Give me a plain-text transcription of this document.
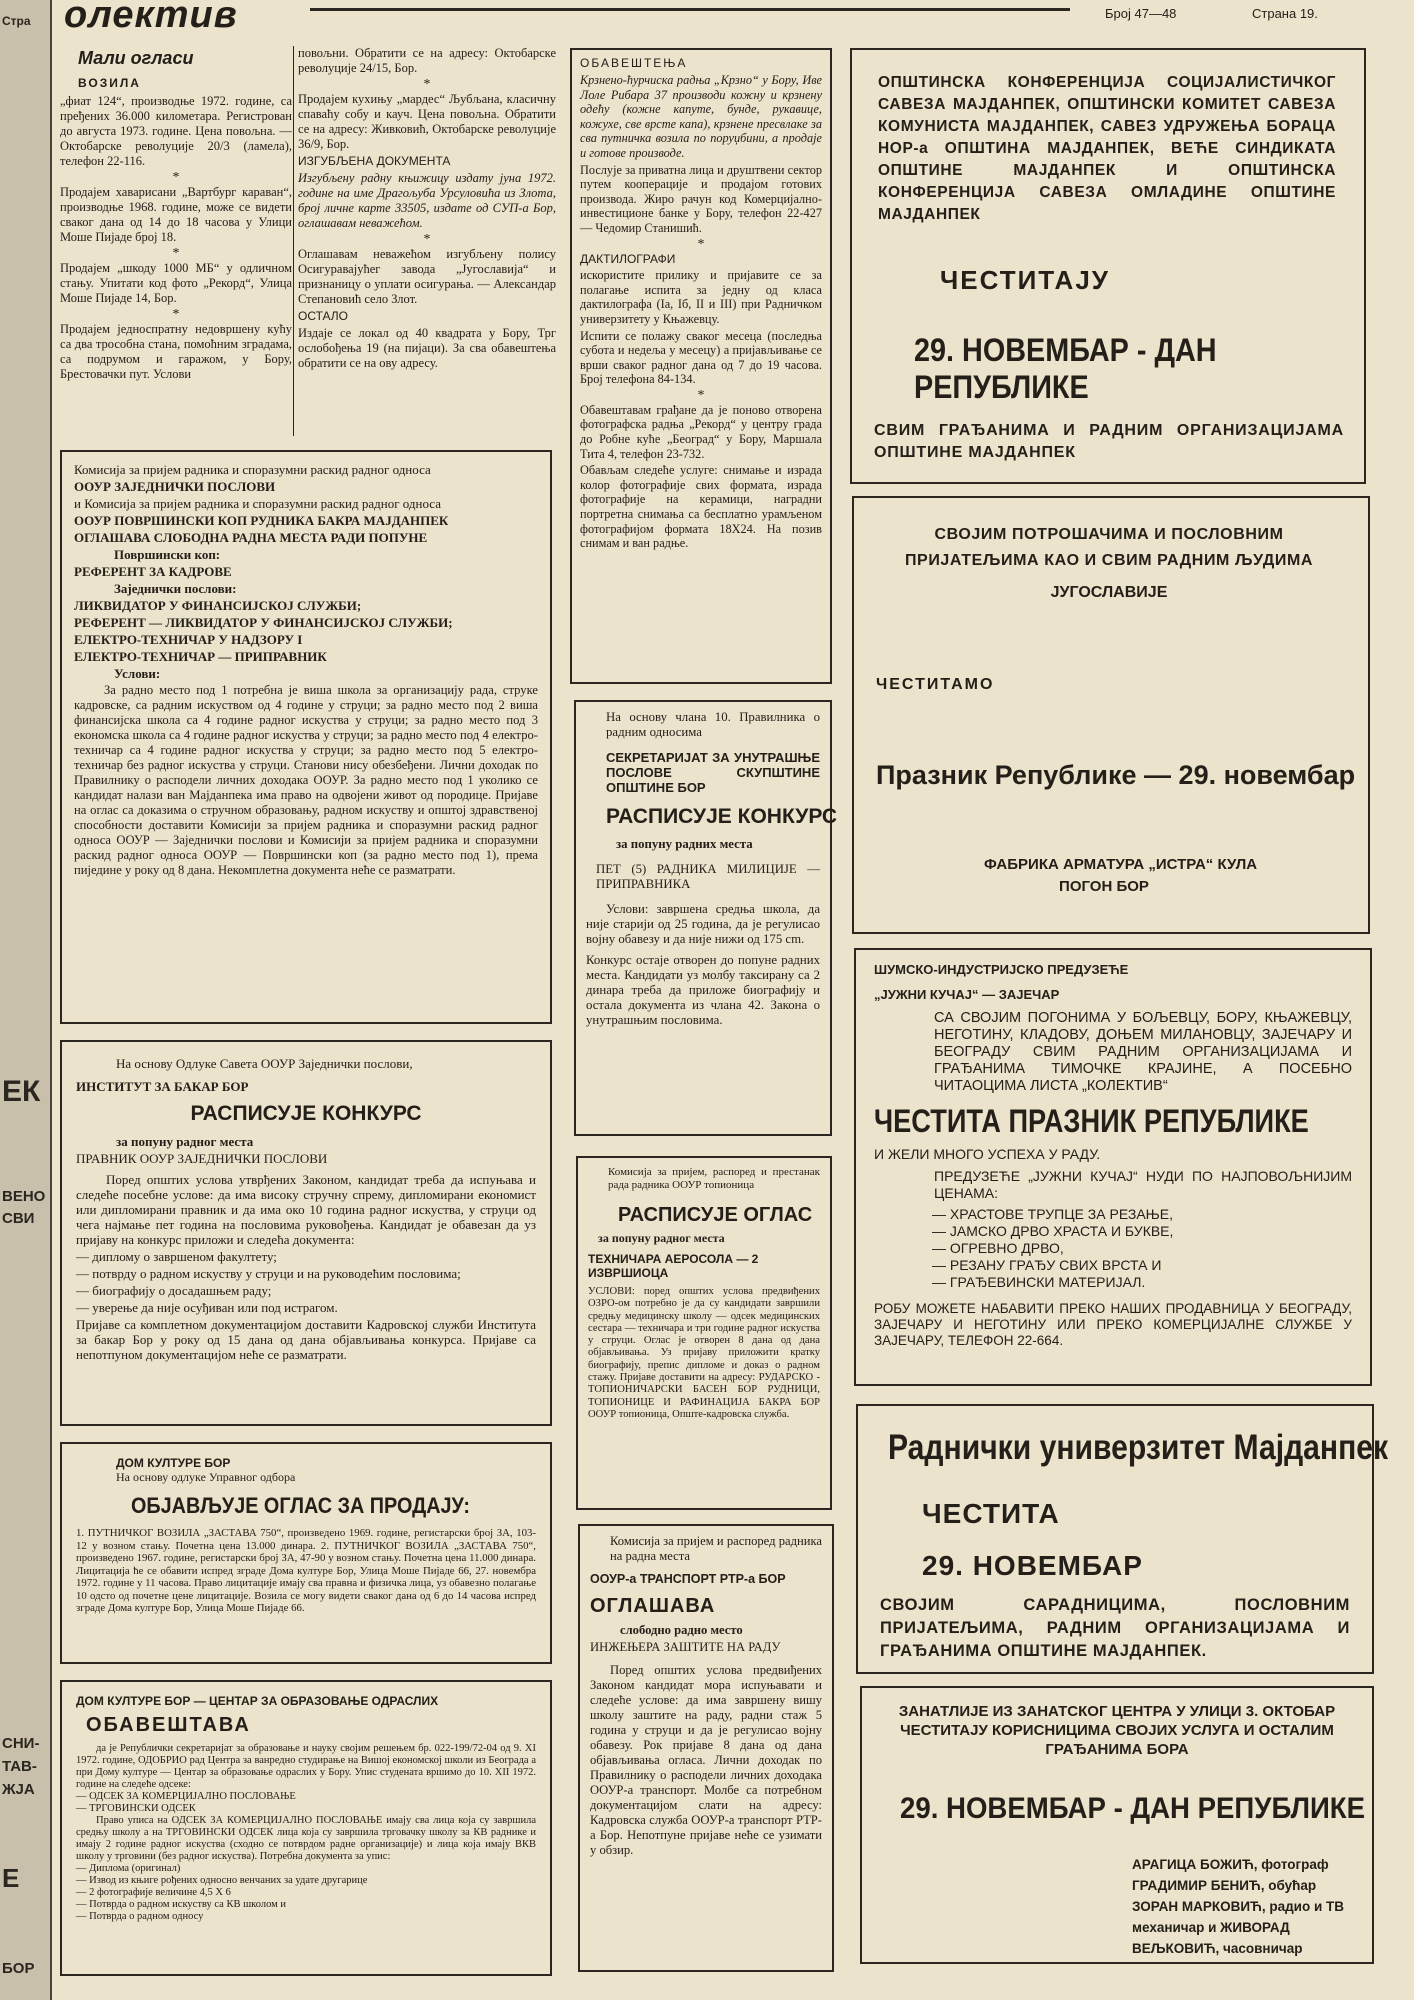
Стра
ЕК
ВЕНО
СВИ
СНИ-
ТАВ-
ЖЈА
Е
БОР
олектив	Број 47—48	Страна 19.
Мали огласи
ВОЗИЛА

„фиат 124“, производње 1972. године, са пређених 36.000 километара. Регистрован до августа 1973. године. Цена повољна. — Октобарске револуције 20/3 (ламела), телефон 22-116.

*

Продајем хаварисани „Вартбург караван“, производње 1968. године, може се видети сваког дана од 14 до 18 часова у Улици Моше Пијаде број 18.

*

Продајем „шкоду 1000 МБ“ у одличном стању. Упитати код фото „Рекорд“, Улица Моше Пијаде 14, Бор.

*

Продајем једноспратну недовршену кућу са два трособна стана, помоћним зградама, са подрумом и гаражом, у Бору, Брестовачки пут. Услови

повољни. Обратити се на адресу: Октобарске револуције 24/15, Бор.

*

Продајем кухињу „мардес“ Љубљана, класичну спаваћу собу и кауч. Цена повољна. Обратити се на адресу: Живковић, Октобарске револуције 36/9, Бор.

ИЗГУБЉЕНА ДОКУМЕНТА

Изгубљену радну књижицу издату јуна 1972. године на име Драгољуба Урсуловића из Злота, број личне карте 33505, издате од СУП-а Бор, оглашавам неважећом.

*

Оглашавам неважећом изгубљену полису Осигуравајућег завода „Југославија“ и признаницу о уплати осигурања. — Александар Степановић село Злот.

ОСТАЛО

Издаје се локал од 40 квадрата у Бору, Трг ослобођења 19 (на пијаци). За сва обавештења обратити се на ову адресу.

ОБАВЕШТЕЊА

Крзнено-ћурчиска радња „Крзно“ у Бору, Иве Лоле Рибара 37 производи кожну и крзнену одећу (кожне капуте, бунде, рукавице, кожухе, све врсте капа), крзнене пресвлаке за сва путничка возила по поруџбини, а продаје и готове производе.

Послује за приватна лица и друштвени сектор путем кооперације и продајом готових производа. Жиро рачун код Комерцијално-инвестиционе банке у Бору, телефон 22-427 — Чедомир Станишић.

*

ДАКТИЛОГРАФИ

искористите прилику и пријавите се за полагање испита за једну од класа дактилографа (Ia, Iб, II и III) при Радничком универзитету у Књажевцу.

Испити се полажу сваког месеца (последња субота и недеља у месецу) а пријављивање се врши сваког радног дана од 7 до 19 часова. Број телефона 84-134.

*

Обавештавам грађане да је поново отворена фотографска радња „Рекорд“ у центру града до Робне куће „Београд“ у Бору, Маршала Тита 4, телефон 23-732.

Обављам следеће услуге: снимање и израда колор фотографије свих формата, израда фотографије на керамици, наградни портретна снимања са бесплатно урамљеном фотографијом формата 18X24. На позив снимам и ван радње.

ОПШТИНСКА КОНФЕРЕНЦИЈА СОЦИЈАЛИСТИЧКОГ САВЕЗА МАЈДАНПЕК, ОПШТИНСКИ КОМИТЕТ САВЕЗА КОМУНИСТА МАЈДАНПЕК, САВЕЗ УДРУЖЕЊА БОРАЦА НОР-а ОПШТИНА МАЈДАНПЕК, ВЕЋЕ СИНДИКАТА ОПШТИНЕ МАЈДАНПЕК И ОПШТИНСКА КОНФЕРЕНЦИЈА САВЕЗА ОМЛАДИНЕ ОПШТИНЕ МАЈДАНПЕК
ЧЕСТИТАЈУ
29. НОВЕМБАР - ДАН РЕПУБЛИКЕ
СВИМ ГРАЂАНИМА И РАДНИМ ОРГАНИЗАЦИЈАМА ОПШТИНЕ МАЈДАНПЕК
СВОЈИМ ПОТРОШАЧИМА И ПОСЛОВНИМ ПРИЈАТЕЉИМА КАО И СВИМ РАДНИМ ЉУДИМА
ЈУГОСЛАВИЈЕ
ЧЕСТИТАМО
Празник Републике — 29. новембар
ФАБРИКА АРМАТУРА „ИСТРА“ КУЛА
ПОГОН БОР
ШУМСКО-ИНДУСТРИЈСКО ПРЕДУЗЕЋЕ
„ЈУЖНИ КУЧАЈ“ — ЗАЈЕЧАР
СА СВОЈИМ ПОГОНИМА У БОЉЕВЦУ, БОРУ, КЊАЖЕВЦУ, НЕГОТИНУ, КЛАДОВУ, ДОЊЕМ МИЛАНОВЦУ, ЗАЈЕЧАРУ И БЕОГРАДУ СВИМ РАДНИМ ОРГАНИЗАЦИЈАМА И ГРАЂАНИМА ТИМОЧКЕ КРАЈИНЕ, А ПОСЕБНО ЧИТАОЦИМА ЛИСТА „КОЛЕКТИВ“
ЧЕСТИТА ПРАЗНИК РЕПУБЛИКЕ
И ЖЕЛИ МНОГО УСПЕХА У РАДУ.
ПРЕДУЗЕЋЕ „ЈУЖНИ КУЧАЈ“ НУДИ ПО НАЈПОВОЉНИЈИМ ЦЕНАМА:
— ХРАСТОВЕ ТРУПЦЕ ЗА РЕЗАЊЕ,
— ЈАМСКО ДРВО ХРАСТА И БУКВЕ,
— ОГРЕВНО ДРВО,
— РЕЗАНУ ГРАЂУ СВИХ ВРСТА И
— ГРАЂЕВИНСКИ МАТЕРИЈАЛ.
РОБУ МОЖЕТЕ НАБАВИТИ ПРЕКО НАШИХ ПРОДАВНИЦА У БЕОГРАДУ, ЗАЈЕЧАРУ И НЕГОТИНУ ИЛИ ПРЕКО КОМЕРЦИЈАЛНЕ СЛУЖБЕ У ЗАЈЕЧАРУ, ТЕЛЕФОН 22-664.
Раднички универзитет Мајданпек
ЧЕСТИТА
29. НОВЕМБАР
СВОЈИМ САРАДНИЦИМА, ПОСЛОВНИМ ПРИЈАТЕЉИМА, РАДНИМ ОРГАНИЗАЦИЈАМА И ГРАЂАНИМА ОПШТИНЕ МАЈДАНПЕК.
ЗАНАТЛИЈЕ ИЗ ЗАНАТСКОГ ЦЕНТРА У УЛИЦИ 3. ОКТОБАР ЧЕСТИТАЈУ КОРИСНИЦИМА СВОЈИХ УСЛУГА И ОСТАЛИМ ГРАЂАНИМА БОРА
29. НОВЕМБАР - ДАН РЕПУБЛИКЕ
АРАГИЦА БОЖИЋ, фотограф ГРАДИМИР БЕНИЋ, обућар ЗОРАН МАРКОВИЋ, радио и ТВ механичар и ЖИВОРАД ВЕЉКОВИЋ, часовничар

Комисија за пријем радника и споразумни раскид радног односа

ООУР ЗАЈЕДНИЧКИ ПОСЛОВИ

и Комисија за пријем радника и споразумни раскид радног односа

ООУР ПОВРШИНСКИ КОП РУДНИКА БАКРА МАЈДАНПЕК

ОГЛАШАВА СЛОБОДНА РАДНА МЕСТА РАДИ ПОПУНЕ

Површински коп:

РЕФЕРЕНТ ЗА КАДРОВЕ

Заједнички послови:

ЛИКВИДАТОР У ФИНАНСИЈСКОЈ СЛУЖБИ;

РЕФЕРЕНТ — ЛИКВИДАТОР У ФИНАНСИЈСКОЈ СЛУЖБИ;

ЕЛЕКТРО-ТЕХНИЧАР У НАДЗОРУ I

ЕЛЕКТРО-ТЕХНИЧАР — ПРИПРАВНИК

Услови:

За радно место под 1 потребна је виша школа за организацију рада, струке кадровске, са радним искуством од 4 године у струци; за радно место под 2 виша финансијска школа са 4 године радног искуства у струци; за радно место под 3 економска школа са 4 године радног искуства у струци; за радно место под 4 електро-техничар са 4 године радног искуства у струци; за радно место под 5 електро-техничар без радног искуства у струци. Станови нису обезбеђени. Лични доходак по Правилнику о расподели личних доходака ООУР. За радно место под 1 уколико се кандидат налази ван Мајданпека има право на одвојени живот од породице. Пријаве на оглас са доказима о стручном образовању, радном искуству и општој здравственој способности доставити Комисији за пријем радника и споразумни раскид радног односа ООУР — Заједнички послови и Комисији за пријем радника и споразумни раскид радног односа ООУР — Површински коп (за радно место под 1), према пиједине у року од 8 дана. Некомплетна документа неће се разматрати.

На основу Одлуке Савета ООУР Заједнички послови,

ИНСТИТУТ ЗА БАКАР БОР

РАСПИСУЈЕ КОНКУРС

за попуну радног места

ПРАВНИК ООУР ЗАЈЕДНИЧКИ ПОСЛОВИ

Поред општих услова утврђених Законом, кандидат треба да испуњава и следеће посебне услове: да има високу стручну спрему, дипломирани економист или дипломирани правник и да има око 10 година радног искуства, у струци од чега најмање пет година на пословима руковођења. Кандидат је обавезан да уз пријаву на конкурс приложи и следећа документа:

— диплому о завршеном факултету;

— потврду о радном искуству у струци и на руководећим пословима;

— биографију о досадашњем раду;

— уверење да није осуђиван или под истрагом.

Пријаве са комплетном документацијом доставити Кадровској служби Института за бакар Бор у року од 15 дана од дана објављивања конкурса. Пријаве са непотпуном документацијом неће се разматрати.

ДОМ КУЛТУРЕ БОР
На основу одлуке Управног одбора
ОБЈАВЉУЈЕ ОГЛАС ЗА ПРОДАЈУ:
1. ПУТНИЧКОГ ВОЗИЛА „ЗАСТАВА 750“, произведено 1969. године, регистарски број ЗА, 103-12 у возном стању. Почетна цена 13.000 динара. 2. ПУТНИЧКОГ ВОЗИЛА „ЗАСТАВА 750“, произведено 1967. године, регистарски број ЗА, 47-90 у возном стању. Почетна цена 11.000 динара. Лицитација ће се обавити испред зграде Дома културе Бор, Улица Моше Пијаде 66, 27. новембра 1972. године у 11 часова. Право лицитације имају сва правна и физичка лица, уз обавезно полагање 10 одсто од почетне цене лицитације. Возила се могу видети сваког дана од 6 до 14 часова испред зграде Дома културе Бор, Улица Моше Пијаде 66.
ДОМ КУЛТУРЕ БОР — ЦЕНТАР ЗА ОБРАЗОВАЊЕ ОДРАСЛИХ
ОБАВЕШТАВА

да је Републички секретаријат за образовање и науку својим решењем бр. 022-199/72-04 од 9. XI 1972. године, ОДОБРИО рад Центра за ванредно студирање на Вишој економској школи из Београда а при Дому културе — Центар за образовање одраслих у Бору. Упис студената вршимо до 10. XII 1972. године на следеће одсеке:

— ОДСЕК ЗА КОМЕРЦИЈАЛНО ПОСЛОВАЊЕ

— ТРГОВИНСКИ ОДСЕК

Право уписа на ОДСЕК ЗА КОМЕРЦИЈАЛНО ПОСЛОВАЊЕ имају сва лица која су завршила средњу школу а на ТРГОВИНСКИ ОДСЕК лица која су завршила трговачку школу за КВ раднике и имају 2 године радног искуства (сходно се потврдом радне организације) и лица која имају ВКВ школу у трговини (без радног искуства). Потребна документа за упис:

— Диплома (оригинал)

— Извод из књиге рођених односно венчаних за удате другарице

— 2 фотографије величине 4,5 X 6

— Потврда о радном искуству са КВ школом и

— Потврда о радном односу

На основу члана 10. Правилника о радним односима

СЕКРЕТАРИЈАТ ЗА УНУТРАШЊЕ ПОСЛОВЕ СКУПШТИНЕ ОПШТИНЕ БОР

РАСПИСУЈЕ КОНКУРС

за попуну радних места

ПЕТ (5) РАДНИКА МИЛИЦИЈЕ — ПРИПРАВНИКА

Услови: завршена средња школа, да није старији од 25 година, да је регулисао војну обавезу и да није нижи од 175 cm.

Конкурс остаје отворен до попуне радних места. Кандидати уз молбу таксирану са 2 динара треба да приложе биографију и остала документа из члана 42. Закона о унутрашњим пословима.

Комисија за пријем, распоред и престанак рада радника ООУР топионица
РАСПИСУЈЕ ОГЛАС
за попуну радног места
ТЕХНИЧАРА АЕРОСОЛА — 2 ИЗВРШИОЦА
УСЛОВИ: поред општих услова предвиђених ОЗРО-ом потребно је да су кандидати завршили средњу медицинску школу — одсек медицинских сестара — техничара и три године радног искуства у струци. Оглас је отворен 8 дана од дана објављивања. Уз пријаву приложити кратку биографију, препис дипломе и доказ о радном стажу. Пријаве доставити на адресу: РУДАРСКО - ТОПИОНИЧАРСКИ БАСЕН БОР РУДНИЦИ, ТОПИОНИЦЕ И РАФИНАЦИЈА БАКРА БОР ООУР топионица, Опште-кадровска служба.

Комисија за пријем и распоред радника на радна места

ООУР-а ТРАНСПОРТ РТР-а БОР

ОГЛАШАВА

слободно радно место

ИНЖЕЊЕРА ЗАШТИТЕ НА РАДУ

Поред општих услова предвиђених Законом кандидат мора испуњавати и следеће услове: да има завршену вишу школу заштите на раду, радни стаж 5 година у струци и да је регулисао војну обавезу. Рок пријаве 8 дана од дана објављивања огласа. Лични доходак по Правилнику о расподели личних доходака ООУР-а транспорт. Молбе са потребном документацијом слати на адресу: Кадровска служба ООУР-а транспорт РТР-а Бор. Непотпуне пријаве неће се узимати у обзир.
